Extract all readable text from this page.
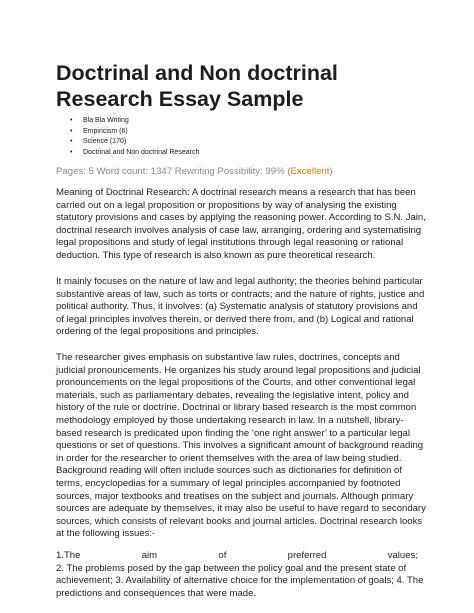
Doctrinal and Non doctrinal
Research Essay Sample
• Bla Bla Writing
• Empiricism (6)
• Science (170)
• Doctrinal and Non doctrinal Research
Pages: 5 Word count: 1347 Rewriting Possibility: 99% (Excellent)
Meaning of Doctrinal Research: A doctrinal research means a research that has been
carried out on a legal proposition or propositions by way of analysing the existing
statutory provisions and cases by applying the reasoning power. According to S.N. Jain,
doctrinal research involves analysis of case law, arranging, ordering and systematising
legal propositions and study of legal institutions through legal reasoning or rational
deduction. This type of research is also known as pure theoretical research.
It mainly focuses on the nature of law and legal authority; the theories behind particular
substantive areas of law, such as torts or contracts; and the nature of rights, justice and
political authority. Thus, it involves: (a) Systematic analysis of statutory provisions and
of legal principles involves therein, or derived there from, and (b) Logical and rational
ordering of the legal propositions and principles.
The researcher gives emphasis on substantive law rules, doctrines, concepts and
judicial pronouncements. He organizes his study around legal propositions and judicial
pronouncements on the legal propositions of the Courts, and other conventional legal
materials, such as parliamentary debates, revealing the legislative intent, policy and
history of the rule or doctrine. Doctrinal or library based research is the most common
methodology employed by those undertaking research in law. In a nutshell, library-
based research is predicated upon finding the ‘one right answer’ to a particular legal
questions or set of questions. This involves a significant amount of background reading
in order for the researcher to orient themselves with the area of law being studied.
Background reading will often include sources such as dictionaries for definition of
terms, encyclopedias for a summary of legal principles accompanied by footnoted
sources, major textbooks and treatises on the subject and journals. Although primary
sources are adequate by themselves, it may also be useful to have regard to secondary
sources, which consists of relevant books and journal articles. Doctrinal research looks
at the following issues:-
1.The	aim	of	preferred	values;
2. The problems posed by the gap between the policy goal and the present state of
achievement; 3. Availability of alternative choice for the implementation of goals; 4. The
predictions and consequences that were made.
